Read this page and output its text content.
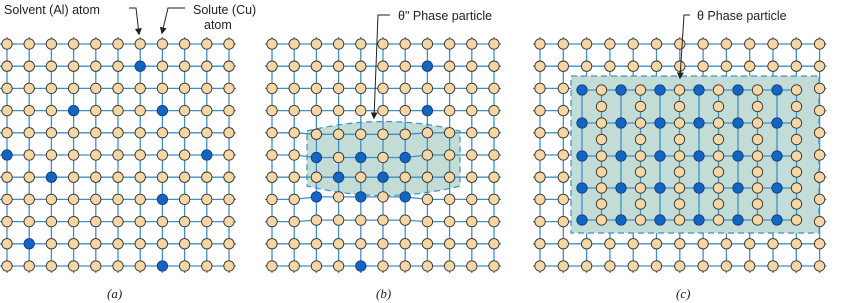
Solvent (Al) atom	Solute (Cu)
atom
θ" Phase particle	θ Phase particle
(a)	(b)	(c)
